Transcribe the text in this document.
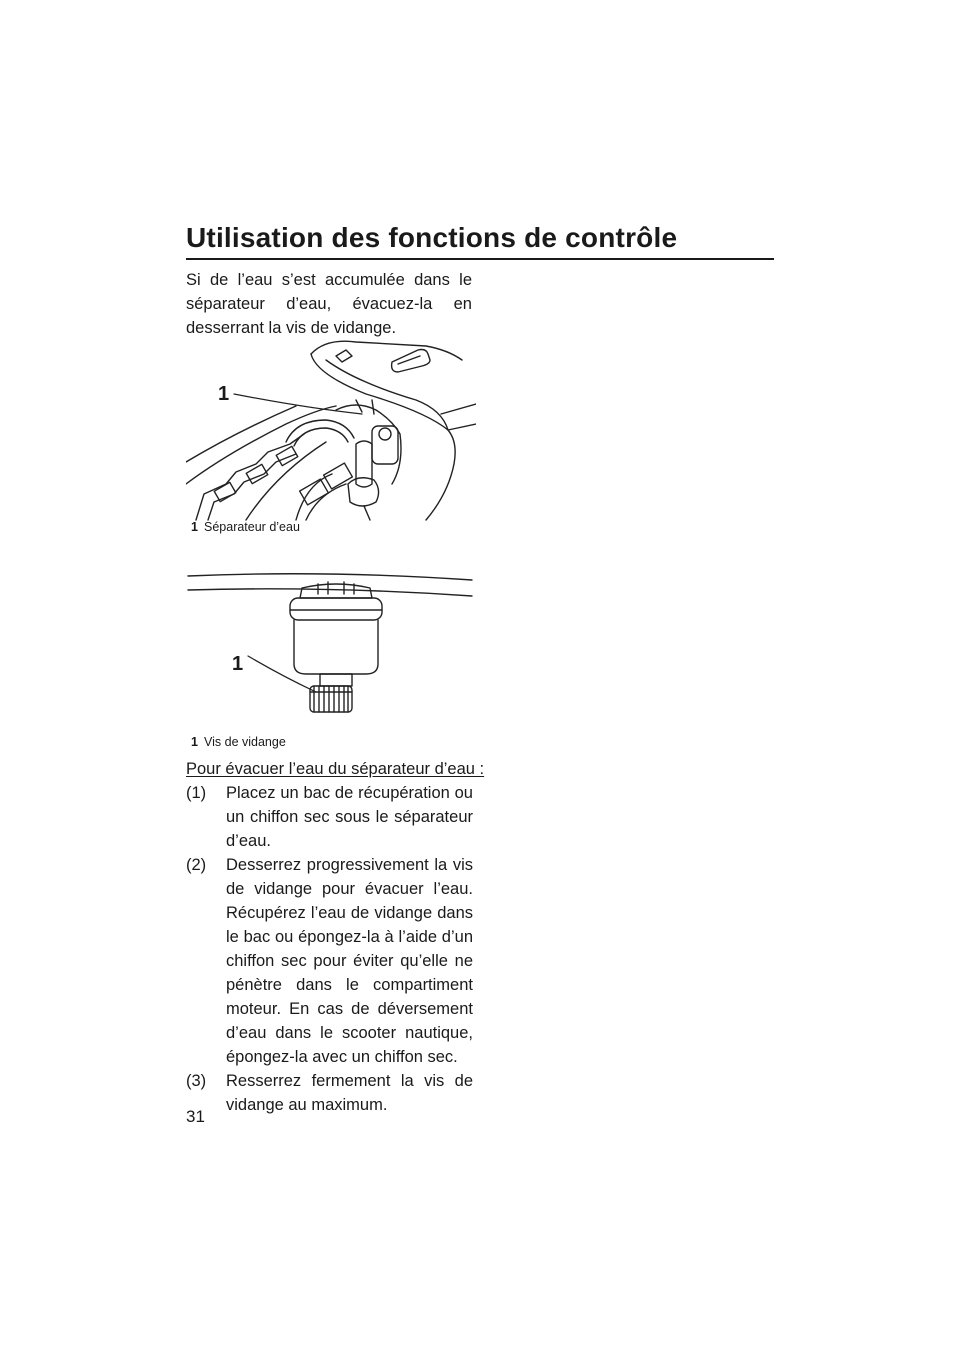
Utilisation des fonctions de contrôle

Si de l’eau s’est accumulée dans le séparateur d’eau, évacuez-la en desserrant la vis de vidange.

1
1 Séparateur d’eau
1
1 Vis de vidange

Pour évacuer l’eau du séparateur d’eau :

(1)	Placez un bac de récupération ou un chiffon sec sous le séparateur d’eau.
(2)	Desserrez progressivement la vis de vidange pour évacuer l’eau. Récupérez l’eau de vidange dans le bac ou épongez-la à l’aide d’un chiffon sec pour éviter qu’elle ne pénètre dans le compartiment moteur. En cas de déversement d’eau dans le scooter nautique, épongez-la avec un chiffon sec.
(3)	Resserrez fermement la vis de vidange au maximum.
31
